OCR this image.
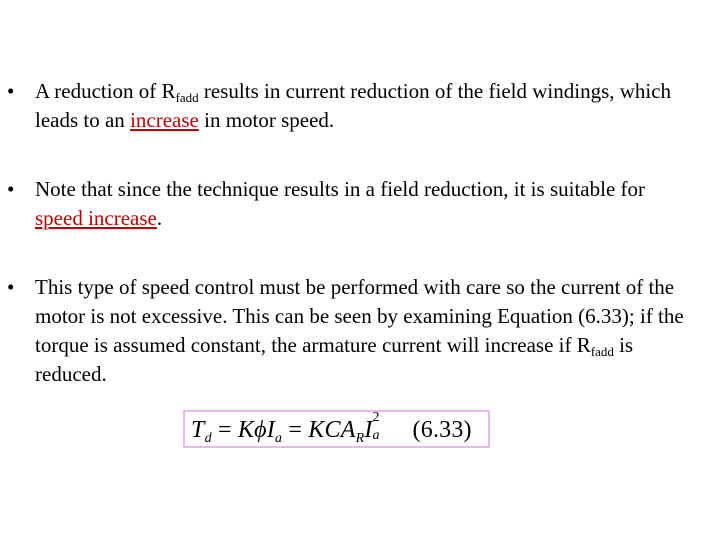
• A reduction of $R_{fadd}$ results in current reduction of the field windings, which leads to an increase in motor speed.
• Note that since the technique results in a field reduction, it is suitable for speed increase.
• This type of speed control must be performed with care so the current of the motor is not excessive. This can be seen by examining Equation (6.33); if the torque is assumed constant, the armature current will increase if $R_{fadd}$ is reduced.
$T_d = K\phi I_a = KCA_RI$ 2
a (6.33)
